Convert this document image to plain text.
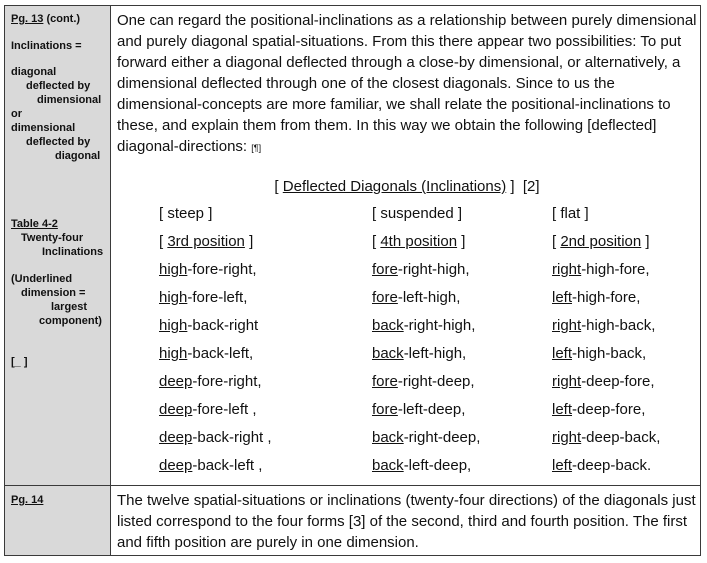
Pg. 13 (cont.)
Inclinations =
diagonal
deflected by
dimensional
or
dimensional
deflected by
diagonal
Table 4-2
Twenty-four
Inclinations
(Underlined
dimension =
largest
component)
[_ ]
Pg. 14
One can regard the positional-inclinations as a relationship between purely dimensional and purely diagonal spatial-situations. From this there appear two possibilities: To put forward either a diagonal deflected through a close-by dimensional, or alternatively, a dimensional deflected through one of the closest diagonals. Since to us the dimensional-concepts are more familiar, we shall relate the positional-inclinations to these, and explain them from them. In this way we obtain the following [deflected] diagonal-directions: [¶]
[ Deflected Diagonals (Inclinations) ]  [2]
[ steep ]
[ 3rd position ]
high-fore-right,
high-fore-left,
high-back-right
high-back-left,
deep-fore-right,
deep-fore-left ,
deep-back-right ,
deep-back-left ,
[ suspended ]
[ 4th position ]
fore-right-high,
fore-left-high,
back-right-high,
back-left-high,
fore-right-deep,
fore-left-deep,
back-right-deep,
back-left-deep,
[ flat ]
[ 2nd position ]
right-high-fore,
left-high-fore,
right-high-back,
left-high-back,
right-deep-fore,
left-deep-fore,
right-deep-back,
left-deep-back.
The twelve spatial-situations or inclinations (twenty-four directions) of the diagonals just listed correspond to the four forms [3] of the second, third and fourth position. The first and fifth position are purely in one dimension.
